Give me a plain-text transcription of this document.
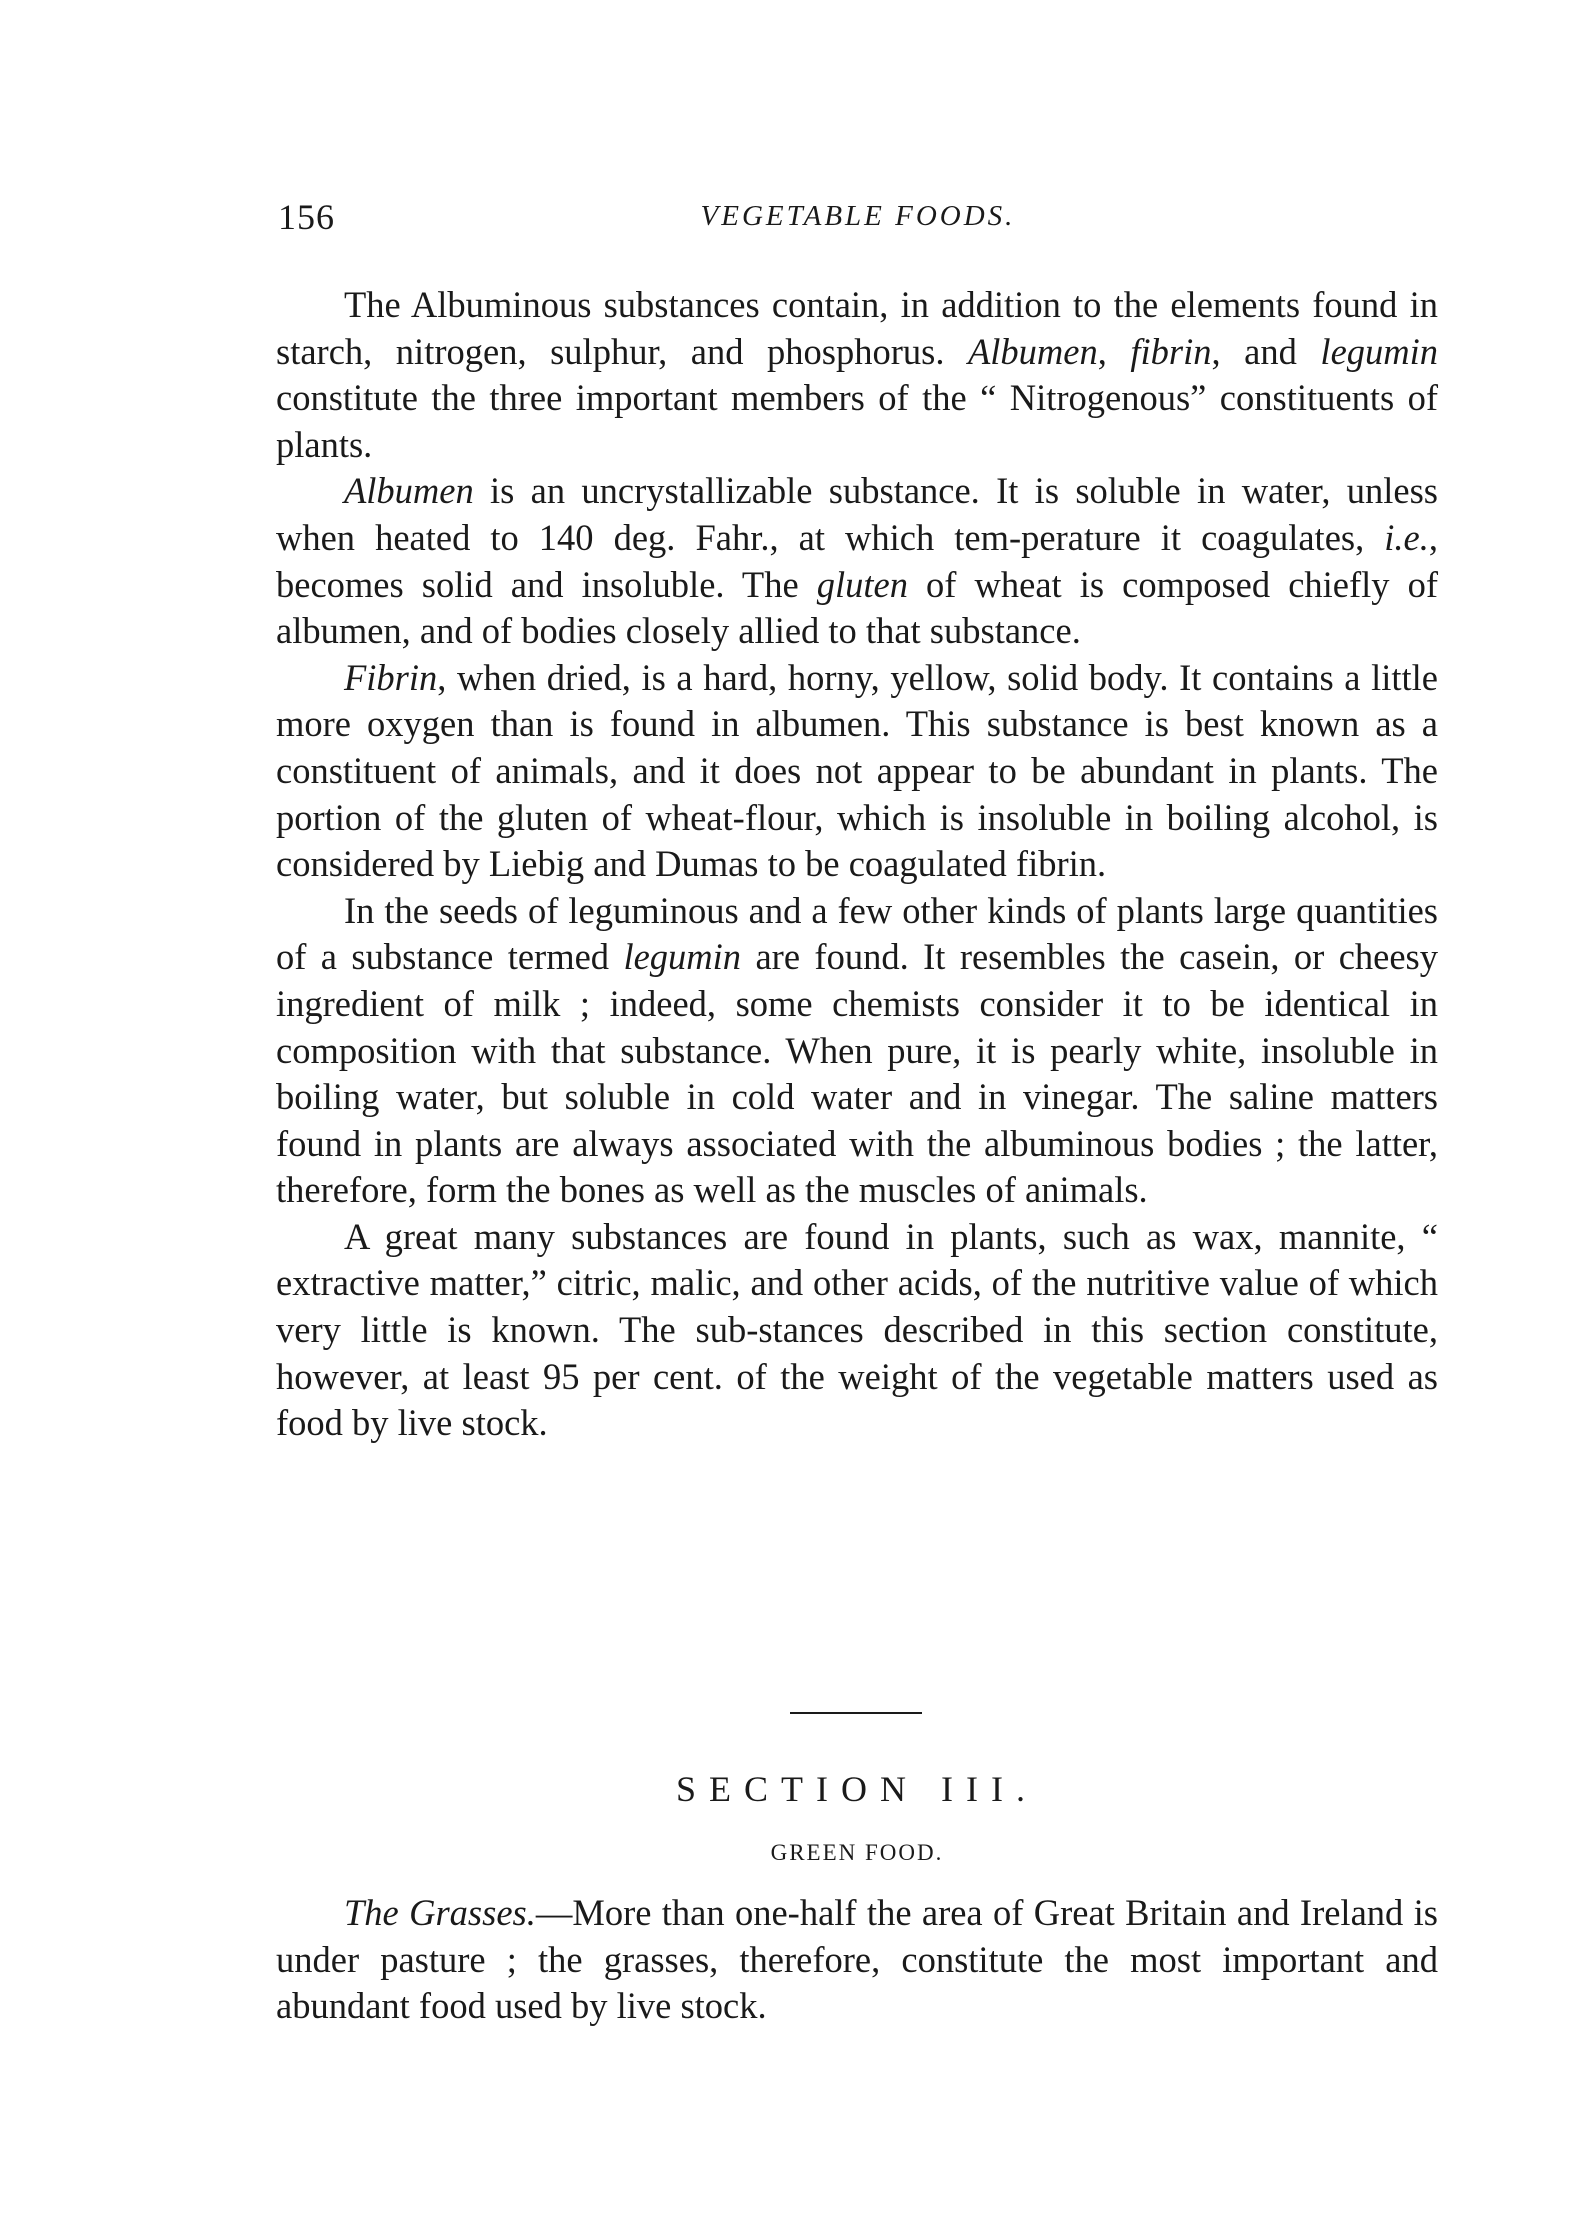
156	VEGETABLE FOODS.

The Albuminous substances contain, in addition to the elements found in starch, nitrogen, sulphur, and phosphorus. Albumen, fibrin, and legumin constitute the three important members of the “ Nitrogenous” constituents of plants.

Albumen is an uncrystallizable substance. It is soluble in water, unless when heated to 140 deg. Fahr., at which tem-perature it coagulates, i.e., becomes solid and insoluble. The gluten of wheat is composed chiefly of albumen, and of bodies closely allied to that substance.

Fibrin, when dried, is a hard, horny, yellow, solid body. It contains a little more oxygen than is found in albumen. This substance is best known as a constituent of animals, and it does not appear to be abundant in plants. The portion of the gluten of wheat-flour, which is insoluble in boiling alcohol, is considered by Liebig and Dumas to be coagulated fibrin.

In the seeds of leguminous and a few other kinds of plants large quantities of a substance termed legumin are found. It resembles the casein, or cheesy ingredient of milk ; indeed, some chemists consider it to be identical in composition with that substance. When pure, it is pearly white, insoluble in boiling water, but soluble in cold water and in vinegar. The saline matters found in plants are always associated with the albuminous bodies ; the latter, therefore, form the bones as well as the muscles of animals.

A great many substances are found in plants, such as wax, mannite, “ extractive matter,” citric, malic, and other acids, of the nutritive value of which very little is known. The sub-stances described in this section constitute, however, at least 95 per cent. of the weight of the vegetable matters used as food by live stock.

SECTION III.
GREEN FOOD.

The Grasses.—More than one-half the area of Great Britain and Ireland is under pasture ; the grasses, therefore, constitute the most important and abundant food used by live stock.
